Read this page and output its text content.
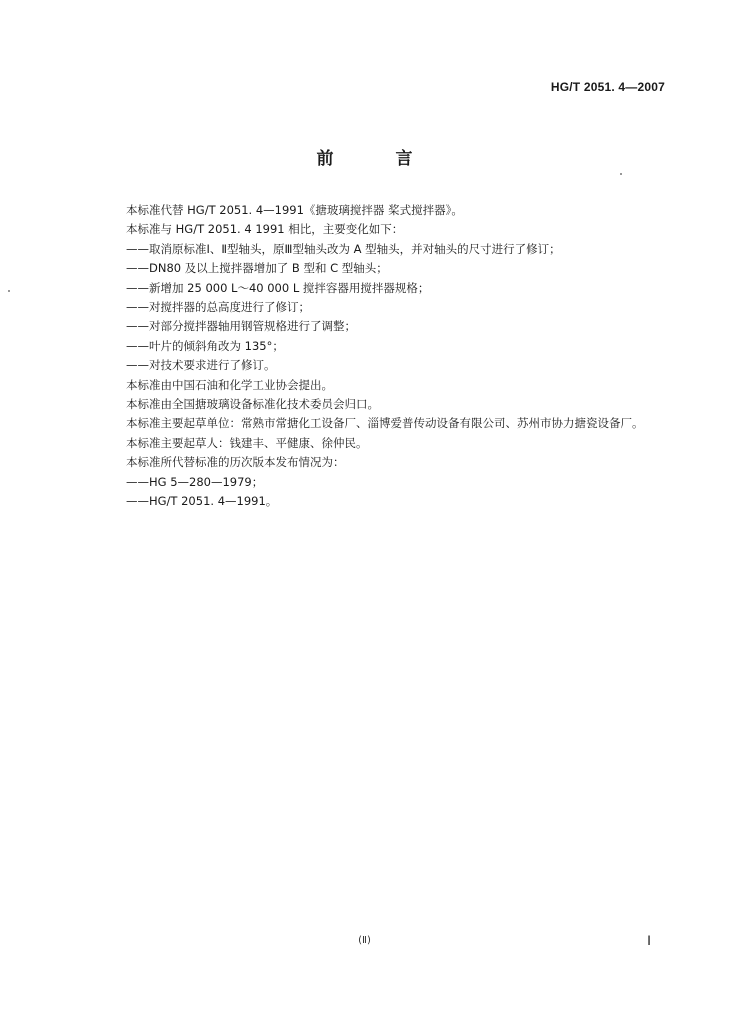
HG/T 2051. 4—2007
前 言

本标准代替 HG/T 2051. 4—1991《搪玻璃搅拌器 桨式搅拌器》。

本标准与 HG/T 2051. 4 1991 相比，主要变化如下：

——取消原标准Ⅰ、Ⅱ型轴头，原Ⅲ型轴头改为 A 型轴头，并对轴头的尺寸进行了修订；

——DN80 及以上搅拌器增加了 B 型和 C 型轴头；

——新增加 25 000 L～40 000 L 搅拌容器用搅拌器规格；

——对搅拌器的总高度进行了修订；

——对部分搅拌器轴用钢管规格进行了调整；

——叶片的倾斜角改为 135°；

——对技术要求进行了修订。

本标准由中国石油和化学工业协会提出。

本标准由全国搪玻璃设备标准化技术委员会归口。

本标准主要起草单位：常熟市常搪化工设备厂、淄博爱普传动设备有限公司、苏州市协力搪瓷设备厂。

本标准主要起草人：钱建丰、平健康、徐仲民。

本标准所代替标准的历次版本发布情况为：

——HG 5—280—1979；

——HG/T 2051. 4—1991。

(Ⅱ)	Ⅰ
